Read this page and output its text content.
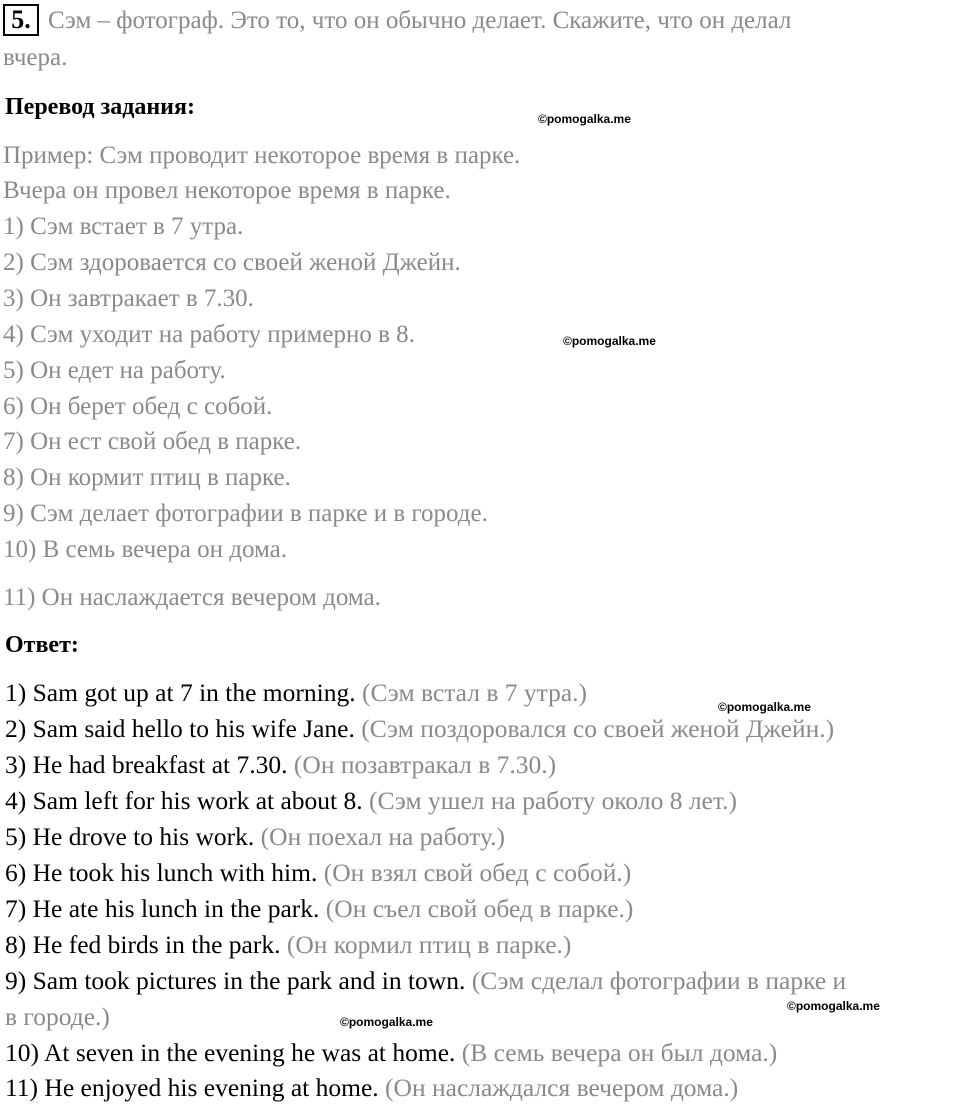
5. Сэм – фотограф. Это то, что он обычно делает. Скажите, что он делал
вчера.
Перевод задания:	©pomogalka.me
Пример: Сэм проводит некоторое время в парке.
Вчера он провел некоторое время в парке.
1) Сэм встает в 7 утра.
2) Сэм здоровается со своей женой Джейн.
3) Он завтракает в 7.30.
4) Сэм уходит на работу примерно в 8.	©pomogalka.me
5) Он едет на работу.
6) Он берет обед с собой.
7) Он ест свой обед в парке.
8) Он кормит птиц в парке.
9) Сэм делает фотографии в парке и в городе.
10) В семь вечера он дома.
11) Он наслаждается вечером дома.
Ответ:
1) Sam got up at 7 in the morning. (Сэм встал в 7 утра.)	©pomogalka.me
2) Sam said hello to his wife Jane. (Сэм поздоровался со своей женой Джейн.)
3) He had breakfast at 7.30. (Он позавтракал в 7.30.)
4) Sam left for his work at about 8. (Сэм ушел на работу около 8 лет.)
5) He drove to his work. (Он поехал на работу.)
6) He took his lunch with him. (Он взял свой обед с собой.)
7) He ate his lunch in the park. (Он съел свой обед в парке.)
8) He fed birds in the park. (Он кормил птиц в парке.)
9) Sam took pictures in the park and in town. (Сэм сделал фотографии в парке и
©pomogalka.me
в городе.)	©pomogalka.me
10) At seven in the evening he was at home. (В семь вечера он был дома.)
11) He enjoyed his evening at home. (Он наслаждался вечером дома.)
